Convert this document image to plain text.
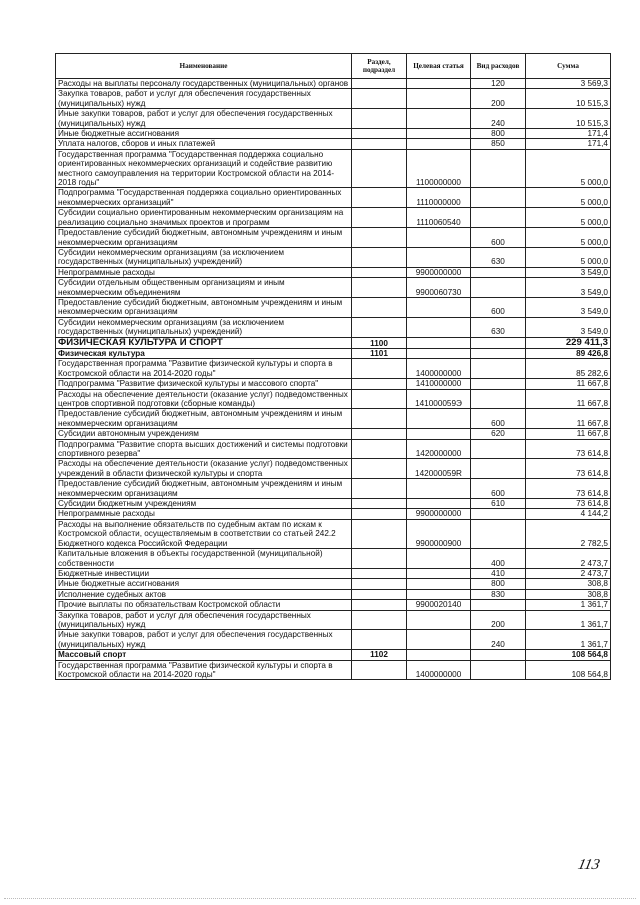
Наименование	Раздел, подраздел	Целевая статья	Вид расходов	Сумма
Расходы на выплаты персоналу государственных (муниципальных) органов			120	3 569,3
Закупка товаров, работ и услуг для обеспечения государственных (муниципальных) нужд			200	10 515,3
Иные закупки товаров, работ и услуг для обеспечения государственных (муниципальных) нужд			240	10 515,3
Иные бюджетные ассигнования			800	171,4
Уплата налогов, сборов и иных платежей			850	171,4
Государственная программа "Государственная поддержка социально ориентированных некоммерческих организаций и содействие развитию местного самоуправления на территории Костромской области на 2014-2018 годы"		1100000000		5 000,0
Подпрограмма "Государственная поддержка социально ориентированных некоммерческих организаций"		1110000000		5 000,0
Субсидии социально ориентированным некоммерческим организациям на реализацию социально значимых проектов и программ		1110060540		5 000,0
Предоставление субсидий бюджетным, автономным учреждениям и иным некоммерческим организациям			600	5 000,0
Субсидии некоммерческим организациям (за исключением государственных (муниципальных) учреждений)			630	5 000,0
Непрограммные расходы		9900000000		3 549,0
Субсидии отдельным общественным организациям и иным некоммерческим объединениям		9900060730		3 549,0
Предоставление субсидий бюджетным, автономным учреждениям и иным некоммерческим организациям			600	3 549,0
Субсидии некоммерческим организациям (за исключением государственных (муниципальных) учреждений)			630	3 549,0
ФИЗИЧЕСКАЯ КУЛЬТУРА И СПОРТ	1100			229 411,3
Физическая культура	1101			89 426,8
Государственная программа "Развитие физической культуры и спорта в Костромской области на 2014-2020 годы"		1400000000		85 282,6
Подпрограмма "Развитие физической культуры и массового спорта"		1410000000		11 667,8
Расходы на обеспечение деятельности (оказание услуг) подведомственных центров спортивной подготовки (сборные команды)		141000059Э		11 667,8
Предоставление субсидий бюджетным, автономным учреждениям и иным некоммерческим организациям			600	11 667,8
Субсидии автономным учреждениям			620	11 667,8
Подпрограмма "Развитие спорта высших достижений и системы подготовки спортивного резерва"		1420000000		73 614,8
Расходы на обеспечение деятельности (оказание услуг) подведомственных учреждений в области физической культуры и спорта		142000059R		73 614,8
Предоставление субсидий бюджетным, автономным учреждениям и иным некоммерческим организациям			600	73 614,8
Субсидии бюджетным учреждениям			610	73 614,8
Непрограммные расходы		9900000000		4 144,2
Расходы на выполнение обязательств по судебным актам по искам к Костромской области, осуществляемым в соответствии со статьей 242.2 Бюджетного кодекса Российской Федерации		9900000900		2 782,5
Капитальные вложения в объекты государственной (муниципальной) собственности			400	2 473,7
Бюджетные инвестиции			410	2 473,7
Иные бюджетные ассигнования			800	308,8
Исполнение судебных актов			830	308,8
Прочие выплаты по обязательствам Костромской области		9900020140		1 361,7
Закупка товаров, работ и услуг для обеспечения государственных (муниципальных) нужд			200	1 361,7
Иные закупки товаров, работ и услуг для обеспечения государственных (муниципальных) нужд			240	1 361,7
Массовый спорт	1102			108 564,8
Государственная программа "Развитие физической культуры и спорта в Костромской области на 2014-2020 годы"		1400000000		108 564,8
113
